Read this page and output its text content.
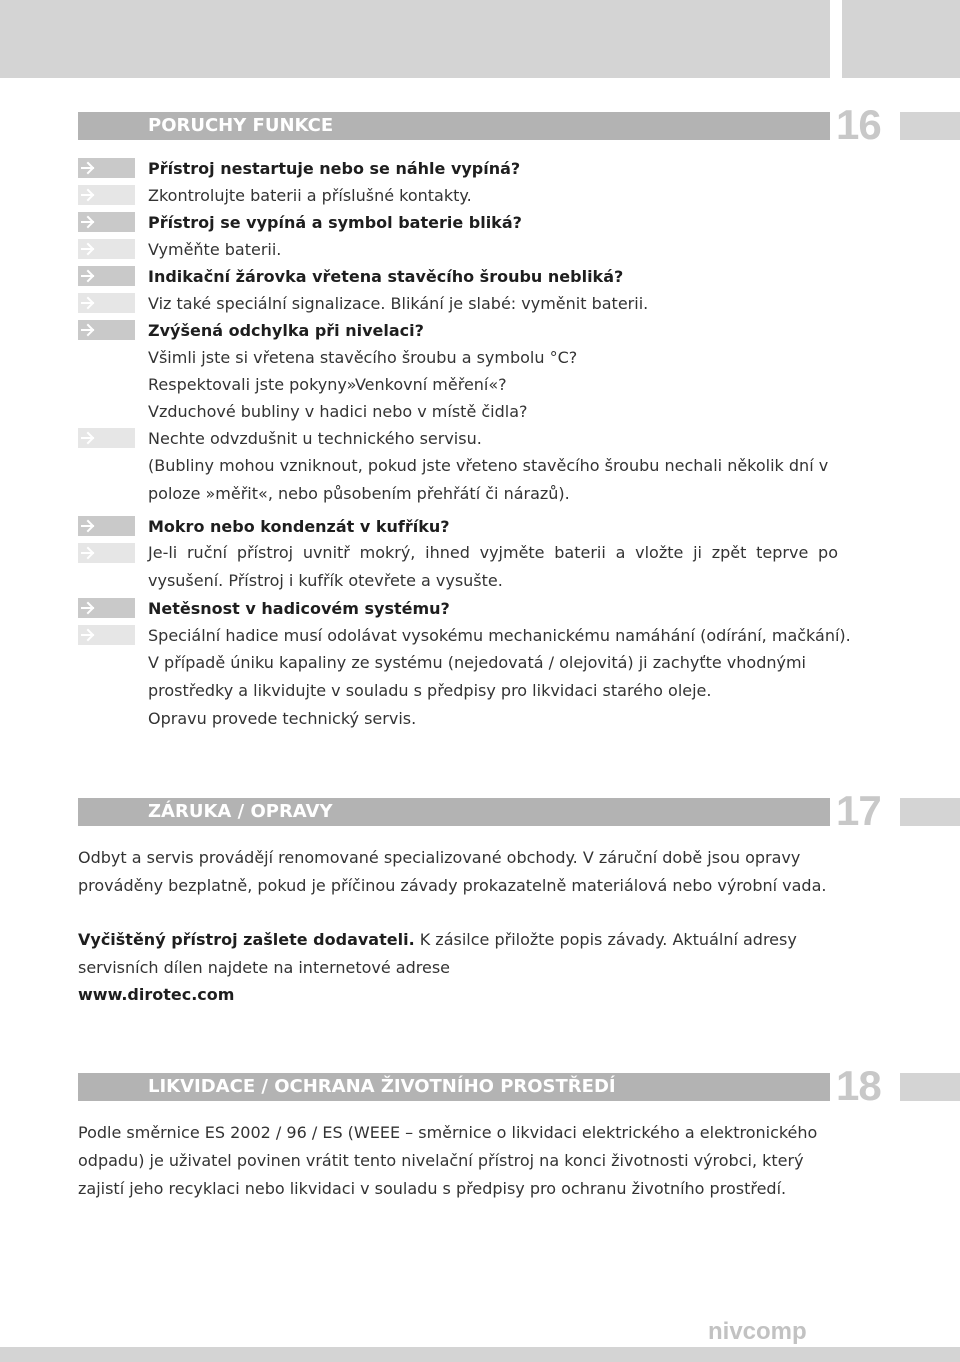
PORUCHY FUNKCE	16
Přístroj nestartuje nebo se náhle vypíná?
Zkontrolujte baterii a příslušné kontakty.
Přístroj se vypíná a symbol baterie bliká?
Vyměňte baterii.
Indikační žárovka vřetena stavěcího šroubu nebliká?
Viz také speciální signalizace. Blikání je slabé: vyměnit baterii.
Zvýšená odchylka při nivelaci?
Všimli jste si vřetena stavěcího šroubu a symbolu °C?
Respektovali jste pokyny»Venkovní měření«?
Vzduchové bubliny v hadici nebo v místě čidla?
Nechte odvzdušnit u technického servisu.
(Bubliny mohou vzniknout, pokud jste vřeteno stavěcího šroubu nechali několik dní v poloze »měřit«, nebo působením přehřátí či nárazů).
Mokro nebo kondenzát v kufříku?
Je-li ruční přístroj uvnitř mokrý, ihned vyjměte baterii a vložte ji zpět teprve po vysušení. Přístroj i kufřík otevřete a vysušte.
Netěsnost v hadicovém systému?
Speciální hadice musí odolávat vysokému mechanickému namáhání (odírání, mačkání).
V případě úniku kapaliny ze systému (nejedovatá / olejovitá) ji zachyťte vhodnými prostředky a likvidujte v souladu s předpisy pro likvidaci starého oleje.
Opravu provede technický servis.
ZÁRUKA / OPRAVY	17
Odbyt a servis provádějí renomované specializované obchody. V záruční době jsou opravy prováděny bezplatně, pokud je příčinou závady prokazatelně materiálová nebo výrobní vada.
Vyčištěný přístroj zašlete dodavateli. K zásilce přiložte popis závady. Aktuální adresy servisních dílen najdete na internetové adrese
www.dirotec.com
LIKVIDACE / OCHRANA ŽIVOTNÍHO PROSTŘEDÍ	18
Podle směrnice ES 2002 / 96 / ES (WEEE – směrnice o likvidaci elektrického a elektronického odpadu) je uživatel povinen vrátit tento nivelační přístroj na konci životnosti výrobci, který zajistí jeho recyklaci nebo likvidaci v souladu s předpisy pro ochranu životního prostředí.
nivcomp
